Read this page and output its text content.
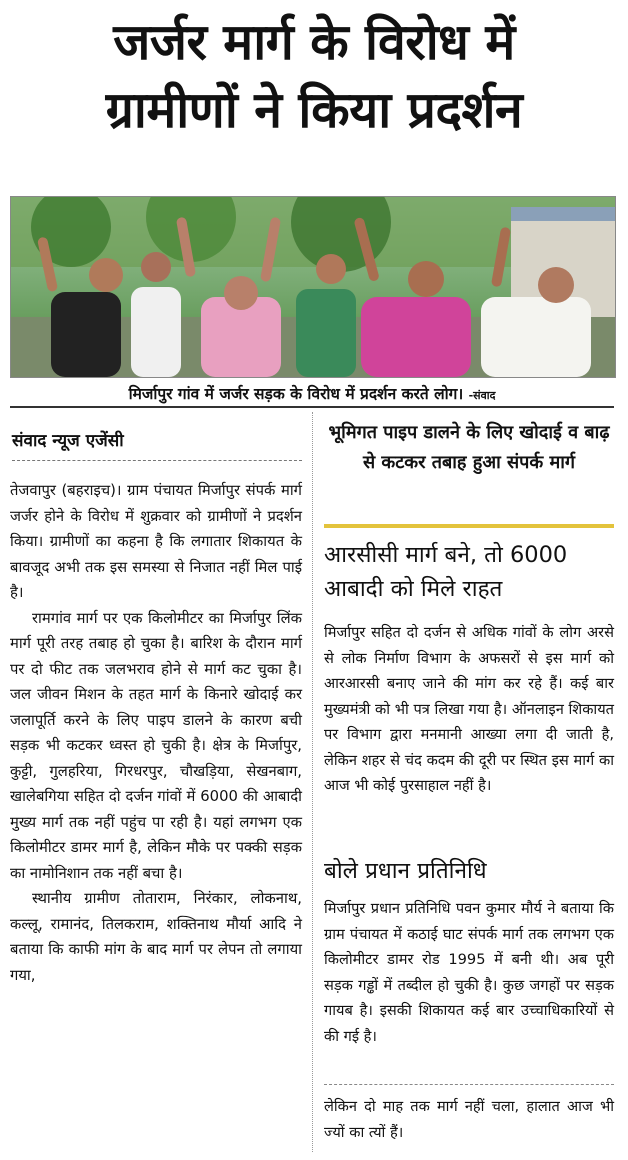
जर्जर मार्ग के विरोध में
ग्रामीणों ने किया प्रदर्शन
मिर्जापुर गांव में जर्जर सड़क के विरोध में प्रदर्शन करते लोग। -संवाद
संवाद न्यूज एजेंसी

तेजवापुर (बहराइच)। ग्राम पंचायत मिर्जापुर संपर्क मार्ग जर्जर होने के विरोध में शुक्रवार को ग्रामीणों ने प्रदर्शन किया। ग्रामीणों का कहना है कि लगातार शिकायत के बावजूद अभी तक इस समस्या से निजात नहीं मिल पाई है।

रामगांव मार्ग पर एक किलोमीटर का मिर्जापुर लिंक मार्ग पूरी तरह तबाह हो चुका है। बारिश के दौरान मार्ग पर दो फीट तक जलभराव होने से मार्ग कट चुका है। जल जीवन मिशन के तहत मार्ग के किनारे खोदाई कर जलापूर्ति करने के लिए पाइप डालने के कारण बची सड़क भी कटकर ध्वस्त हो चुकी है। क्षेत्र के मिर्जापुर, कुट्टी, गुलहरिया, गिरधरपुर, चौखड़िया, सेखनबाग, खालेबगिया सहित दो दर्जन गांवों में 6000 की आबादी मुख्य मार्ग तक नहीं पहुंच पा रही है। यहां लगभग एक किलोमीटर डामर मार्ग है, लेकिन मौके पर पक्की सड़क का नामोनिशान तक नहीं बचा है।

स्थानीय ग्रामीण तोताराम, निरंकार, लोकनाथ, कल्लू, रामानंद, तिलकराम, शक्तिनाथ मौर्या आदि ने बताया कि काफी मांग के बाद मार्ग पर लेपन तो लगाया गया,

भूमिगत पाइप डालने के लिए खोदाई व बाढ़ से कटकर तबाह हुआ संपर्क मार्ग
आरसीसी मार्ग बने, तो 6000 आबादी को मिले राहत
मिर्जापुर सहित दो दर्जन से अधिक गांवों के लोग अरसे से लोक निर्माण विभाग के अफसरों से इस मार्ग को आरआरसी बनाए जाने की मांग कर रहे हैं। कई बार मुख्यमंत्री को भी पत्र लिखा गया है। ऑनलाइन शिकायत पर विभाग द्वारा मनमानी आख्या लगा दी जाती है, लेकिन शहर से चंद कदम की दूरी पर स्थित इस मार्ग का आज भी कोई पुरसाहाल नहीं है।
बोले प्रधान प्रतिनिधि
मिर्जापुर प्रधान प्रतिनिधि पवन कुमार मौर्य ने बताया कि ग्राम पंचायत में कठाई घाट संपर्क मार्ग तक लगभग एक किलोमीटर डामर रोड 1995 में बनी थी। अब पूरी सड़क गड्ढों में तब्दील हो चुकी है। कुछ जगहों पर सड़क गायब है। इसकी शिकायत कई बार उच्चाधिकारियों से की गई है।
लेकिन दो माह तक मार्ग नहीं चला, हालात आज भी ज्यों का त्यों हैं।
